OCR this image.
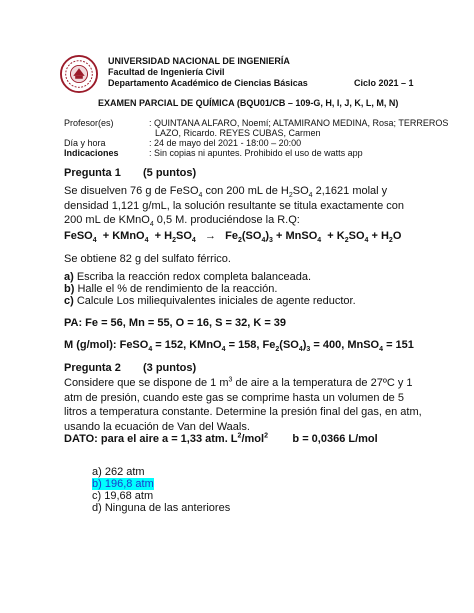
UNIVERSIDAD NACIONAL DE INGENIERÍA
Facultad de Ingeniería Civil
Departamento Académico de Ciencias Básicas	Ciclo 2021 – 1
EXAMEN PARCIAL DE QUÍMICA (BQU01/CB – 109-G, H, I, J, K, L, M, N)
Profesor(es)	: QUINTANA ALFARO, Noemí; ALTAMIRANO MEDINA, Rosa; TERREROS
LAZO, Ricardo. REYES CUBAS, Carmen
Día y hora	: 24 de mayo del 2021 - 18:00 – 20:00
Indicaciones	: Sin copias ni apuntes. Prohibido el uso de watts app
Pregunta 1 (5 puntos)
Se disuelven 76 g de FeSO$_4$ con 200 mL de $H_2SO_4$ 2,1621 molal y densidad 1,121 g/mL, la solución resultante se titula exactamente con 200 mL de KMnO$_4$ 0,5 M. produciéndose la R.Q:
FeSO$_4$  + KMnO$_4$  + $H_2SO_4 \to Fe_2(SO_4)_3$ + MnSO$_4$  + $K_2SO_4 + H_2O$
Se obtiene 82 g del sulfato férrico.
a) Escriba la reacción redox completa balanceada.
b) Halle el % de rendimiento de la reacción.
c) Calcule Los miliequivalentes iniciales de agente reductor.
PA: Fe = 56, Mn = 55, O = 16, S = 32, K = 39
M (g/mol): FeSO$_4$ = 152, KMnO$_4$ = 158, $Fe_2(SO_4)_3 = 400$, MnSO$_4$ = 151
Pregunta 2 (3 puntos)
Considere que se dispone de 1 $m^3$ de aire a la temperatura de 27ºC y 1 atm de presión, cuando este gas se comprime hasta un volumen de 5 litros a temperatura constante. Determine la presión final del gas, en atm, usando la ecuación de Van del Waals.
DATO: para el aire a = 1,33 atm. $L^2/mol^2$ b = 0,0366 L/mol
a) 262 atm
b) 196,8 atm
c) 19,68 atm
d) Ninguna de las anteriores
